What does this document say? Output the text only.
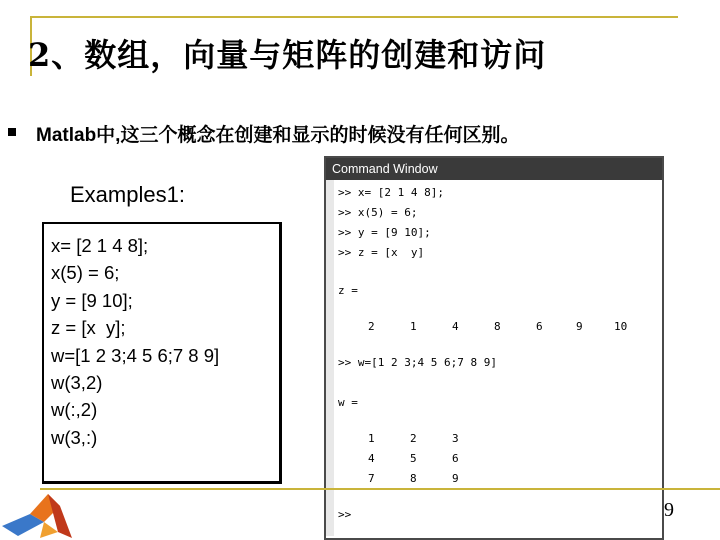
2、数组，向量与矩阵的创建和访问
Matlab中,这三个概念在创建和显示的时候没有任何区别。
Examples1:
x= [2 1 4 8];
x(5) = 6;
y = [9 10];
z = [x  y];
w=[1 2 3;4 5 6;7 8 9]
w(3,2)
w(:,2)
w(3,:)
Command Window
>> x= [2 1 4 8];
>> x(5) = 6;
>> y = [9 10];
>> z = [x  y]
z =
2	1	4	8	6	9	10
>> w=[1 2 3;4 5 6;7 8 9]
w =
1	2	3
4	5	6
7	8	9
>>	9
